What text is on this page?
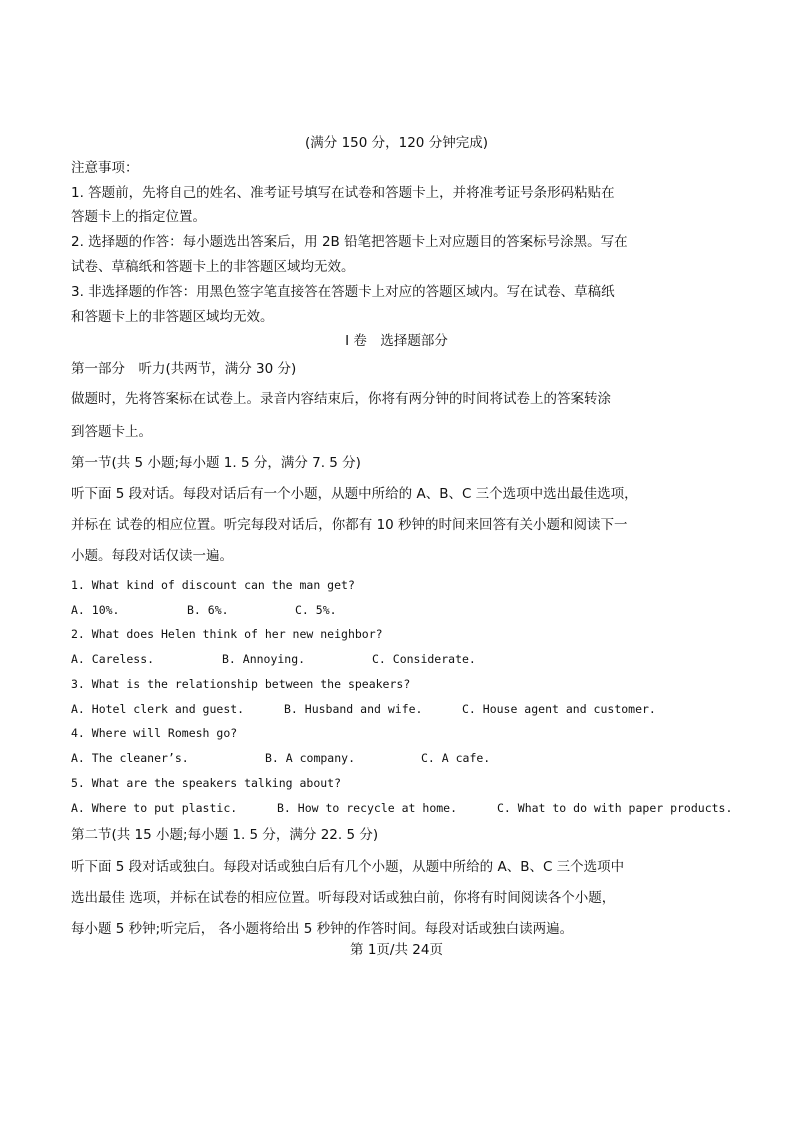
(满分 150 分，120 分钟完成)
注意事项：
1. 答题前，先将自己的姓名、准考证号填写在试卷和答题卡上，并将准考证号条形码粘贴在
答题卡上的指定位置。
2. 选择题的作答：每小题选出答案后，用 2B 铅笔把答题卡上对应题目的答案标号涂黑。写在
试卷、草稿纸和答题卡上的非答题区域均无效。
3. 非选择题的作答：用黑色签字笔直接答在答题卡上对应的答题区域内。写在试卷、草稿纸
和答题卡上的非答题区域均无效。
I 卷　选择题部分
第一部分　听力(共两节，满分 30 分)
做题时，先将答案标在试卷上。录音内容结束后，你将有两分钟的时间将试卷上的答案转涂
到答题卡上。
第一节(共 5 小题;每小题 1. 5 分，满分 7. 5 分)
听下面 5 段对话。每段对话后有一个小题，从题中所给的 A、B、C 三个选项中选出最佳选项，
并标在 试卷的相应位置。听完每段对话后，你都有 10 秒钟的时间来回答有关小题和阅读下一
小题。每段对话仅读一遍。
1. What kind of discount can the man get?
A. 10%.	B. 6%.	C. 5%.
2. What does Helen think of her new neighbor?
A. Careless.	B. Annoying.	C. Considerate.
3. What is the relationship between the speakers?
A. Hotel clerk and guest.	B. Husband and wife.	C. House agent and customer.
4. Where will Romesh go?
A. The cleaner’s.	B. A company.	C. A cafe.
5. What are the speakers talking about?
A. Where to put plastic.	B. How to recycle at home.	C. What to do with paper products.
第二节(共 15 小题;每小题 1. 5 分，满分 22. 5 分)
听下面 5 段对话或独白。每段对话或独白后有几个小题，从题中所给的 A、B、C 三个选项中
选出最佳 选项，并标在试卷的相应位置。听每段对话或独白前，你将有时间阅读各个小题，
每小题 5 秒钟;听完后， 各小题将给出 5 秒钟的作答时间。每段对话或独白读两遍。
第 1页/共 24页
